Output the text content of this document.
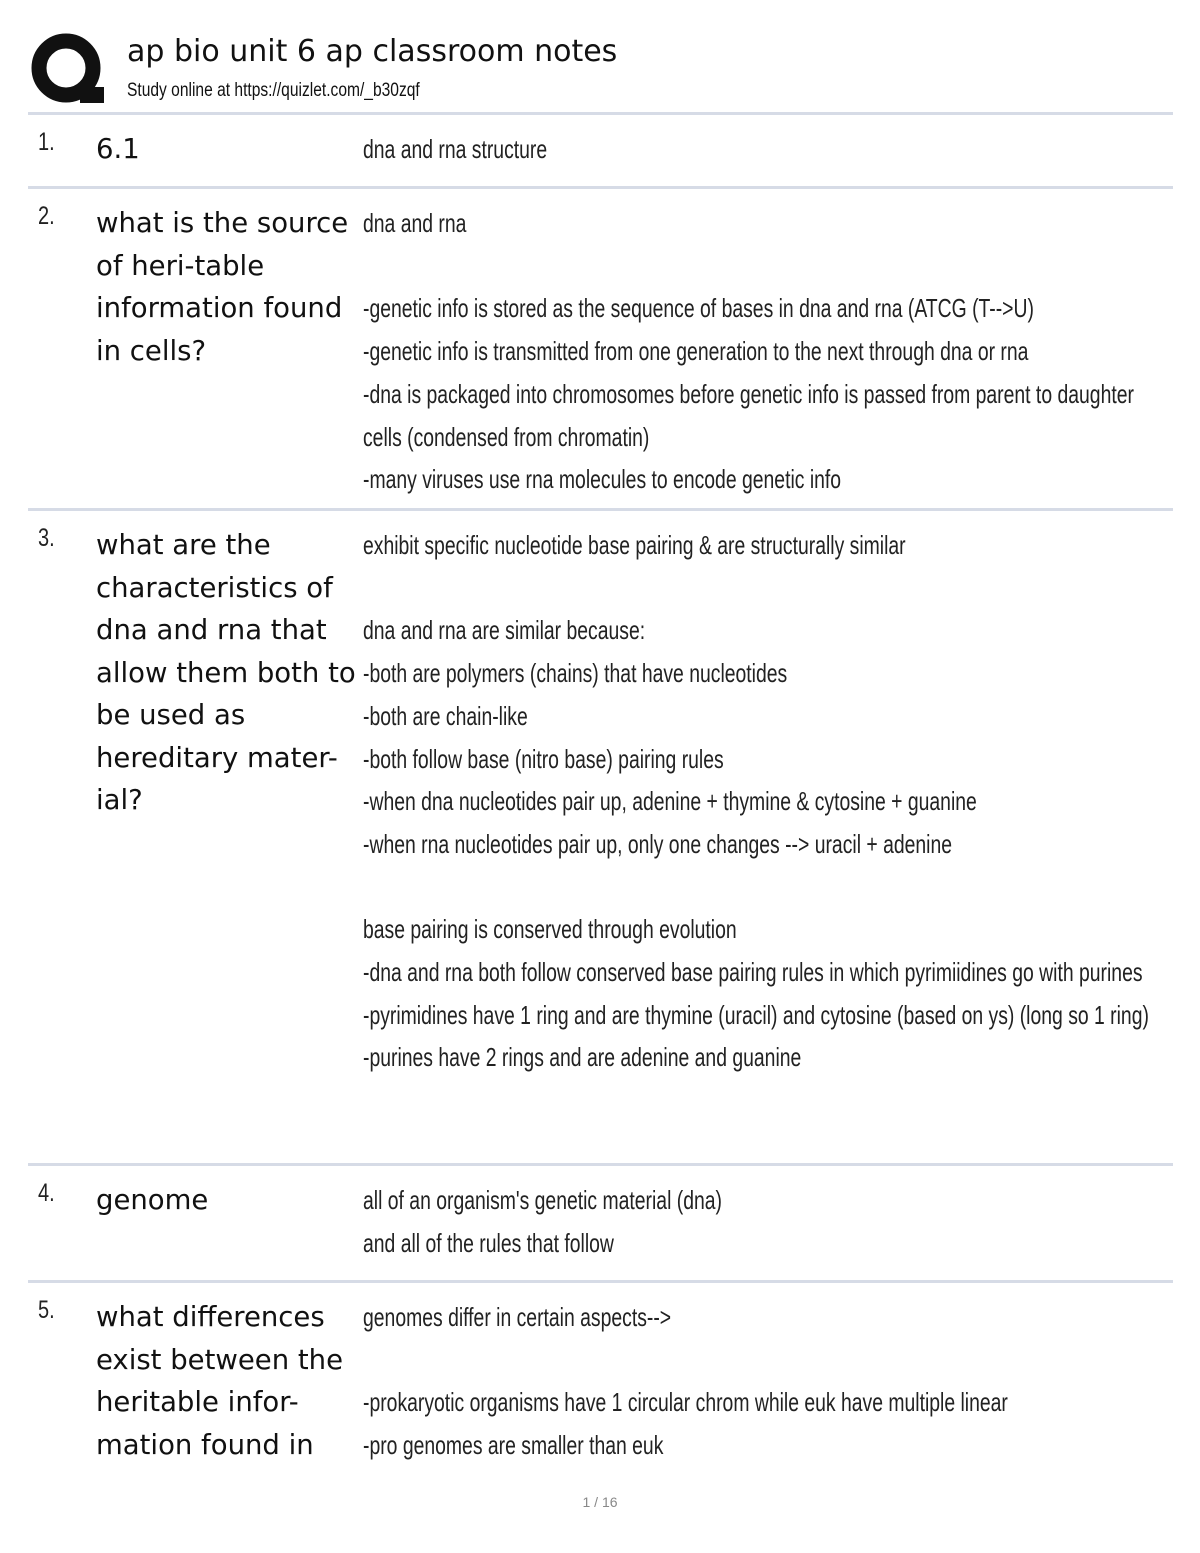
ap bio unit 6 ap classroom notes
Study online at https://quizlet.com/_b30zqf
1.	6.1	dna and rna structure
2.	what is the source of heri-table information found in cells?
dna and rna

-genetic info is stored as the sequence of bases in dna and rna (ATCG (T-->U)
-genetic info is transmitted from one generation to the next through dna or rna
-dna is packaged into chromosomes before genetic info is passed from parent to daughter cells (condensed from chromatin)
-many viruses use rna molecules to encode genetic info
3.	what are the characteristics of dna and rna that allow them both to be used as hereditary mater-ial?
exhibit specific nucleotide base pairing & are structurally similar

dna and rna are similar because:
-both are polymers (chains) that have nucleotides
-both are chain-like
-both follow base (nitro base) pairing rules
-when dna nucleotides pair up, adenine + thymine & cytosine + guanine
-when rna nucleotides pair up, only one changes --> uracil + adenine

base pairing is conserved through evolution
-dna and rna both follow conserved base pairing rules in which pyrimiidines go with purines
-pyrimidines have 1 ring and are thymine (uracil) and cytosine (based on ys) (long so 1 ring)
-purines have 2 rings and are adenine and guanine
4.	genome	all of an organism's genetic material (dna)
and all of the rules that follow
5.	what differences exist between the heritable infor-mation found in
genomes differ in certain aspects-->

-prokaryotic organisms have 1 circular chrom while euk have multiple linear
-pro genomes are smaller than euk
1 / 16
